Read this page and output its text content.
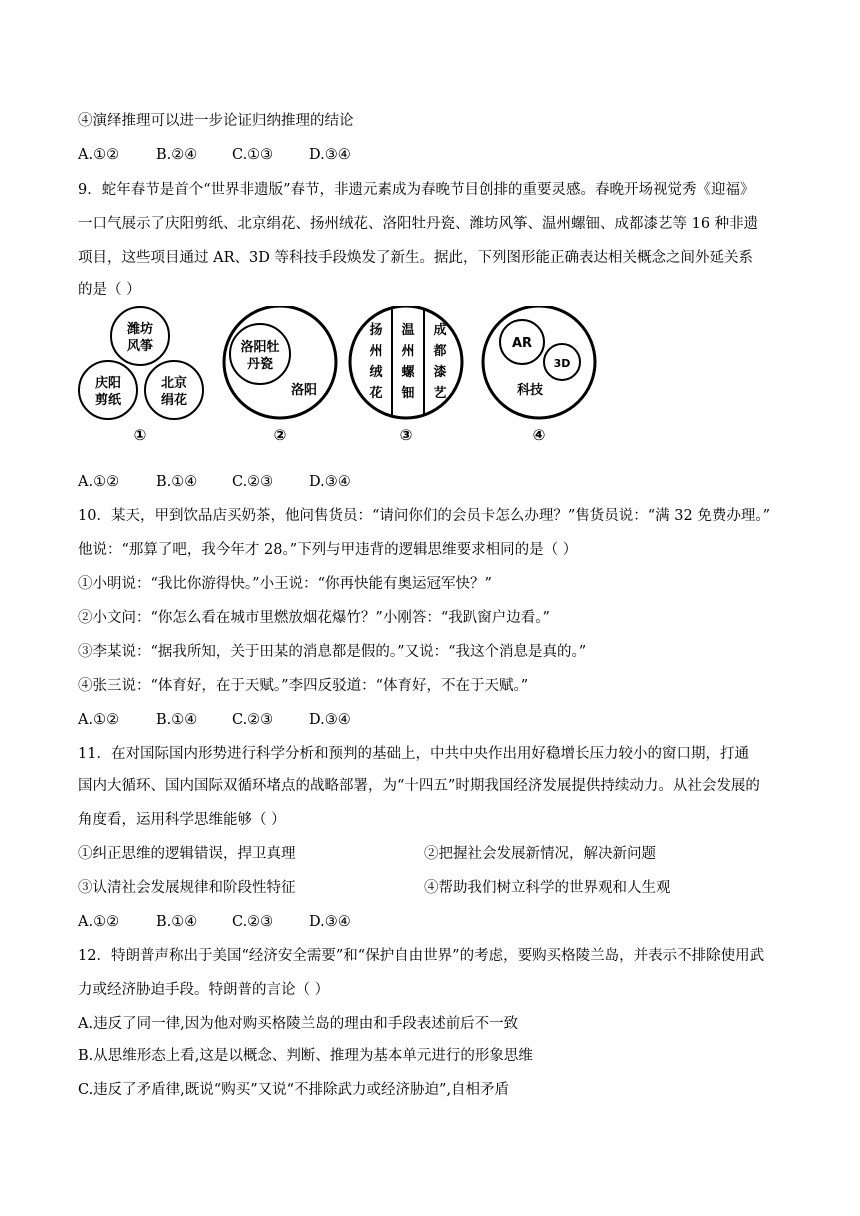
④演绎推理可以进一步论证归纳推理的结论
A.①②	B.②④ C.①③ D.③④
9．蛇年春节是首个“世界非遗版”春节，非遗元素成为春晚节目创排的重要灵感。春晚开场视觉秀《迎福》
一口气展示了庆阳剪纸、北京绢花、扬州绒花、洛阳牡丹瓷、潍坊风筝、温州螺钿、成都漆艺等 16 种非遗
项目，这些项目通过 AR、3D 等科技手段焕发了新生。据此，下列图形能正确表达相关概念之间外延关系
的是（ ）
潍坊
风筝
庆阳
剪纸
北京
绢花
洛阳牡
丹瓷
洛阳
扬
州
绒
花
温
州
螺
钿
成
都
漆
艺
AR
3D
科技
①	②	③	④
A.①②	B.①④ C.②③ D.③④
10．某天，甲到饮品店买奶茶，他问售货员：“请问你们的会员卡怎么办理？”售货员说：“满 32 免费办理。”
他说：“那算了吧，我今年才 28。”下列与甲违背的逻辑思维要求相同的是（ ）
①小明说：“我比你游得快。”小王说：“你再快能有奥运冠军快？”
②小文问：“你怎么看在城市里燃放烟花爆竹？”小刚答：“我趴窗户边看。”
③李某说：“据我所知，关于田某的消息都是假的。”又说：“我这个消息是真的。”
④张三说：“体育好，在于天赋。”李四反驳道：“体育好，不在于天赋。”
A.①②	B.①④ C.②③ D.③④
11．在对国际国内形势进行科学分析和预判的基础上，中共中央作出用好稳增长压力较小的窗口期，打通
国内大循环、国内国际双循环堵点的战略部署，为“十四五”时期我国经济发展提供持续动力。从社会发展的
角度看，运用科学思维能够（ ）
①纠正思维的逻辑错误，捍卫真理	②把握社会发展新情况，解决新问题
③认清社会发展规律和阶段性特征	④帮助我们树立科学的世界观和人生观
A.①②	B.①④ C.②③ D.③④
12．特朗普声称出于美国“经济安全需要”和“保护自由世界”的考虑，要购买格陵兰岛，并表示不排除使用武
力或经济胁迫手段。特朗普的言论（ ）
A.违反了同一律,因为他对购买格陵兰岛的理由和手段表述前后不一致
B.从思维形态上看,这是以概念、判断、推理为基本单元进行的形象思维
C.违反了矛盾律,既说“购买”又说“不排除武力或经济胁迫”,自相矛盾
